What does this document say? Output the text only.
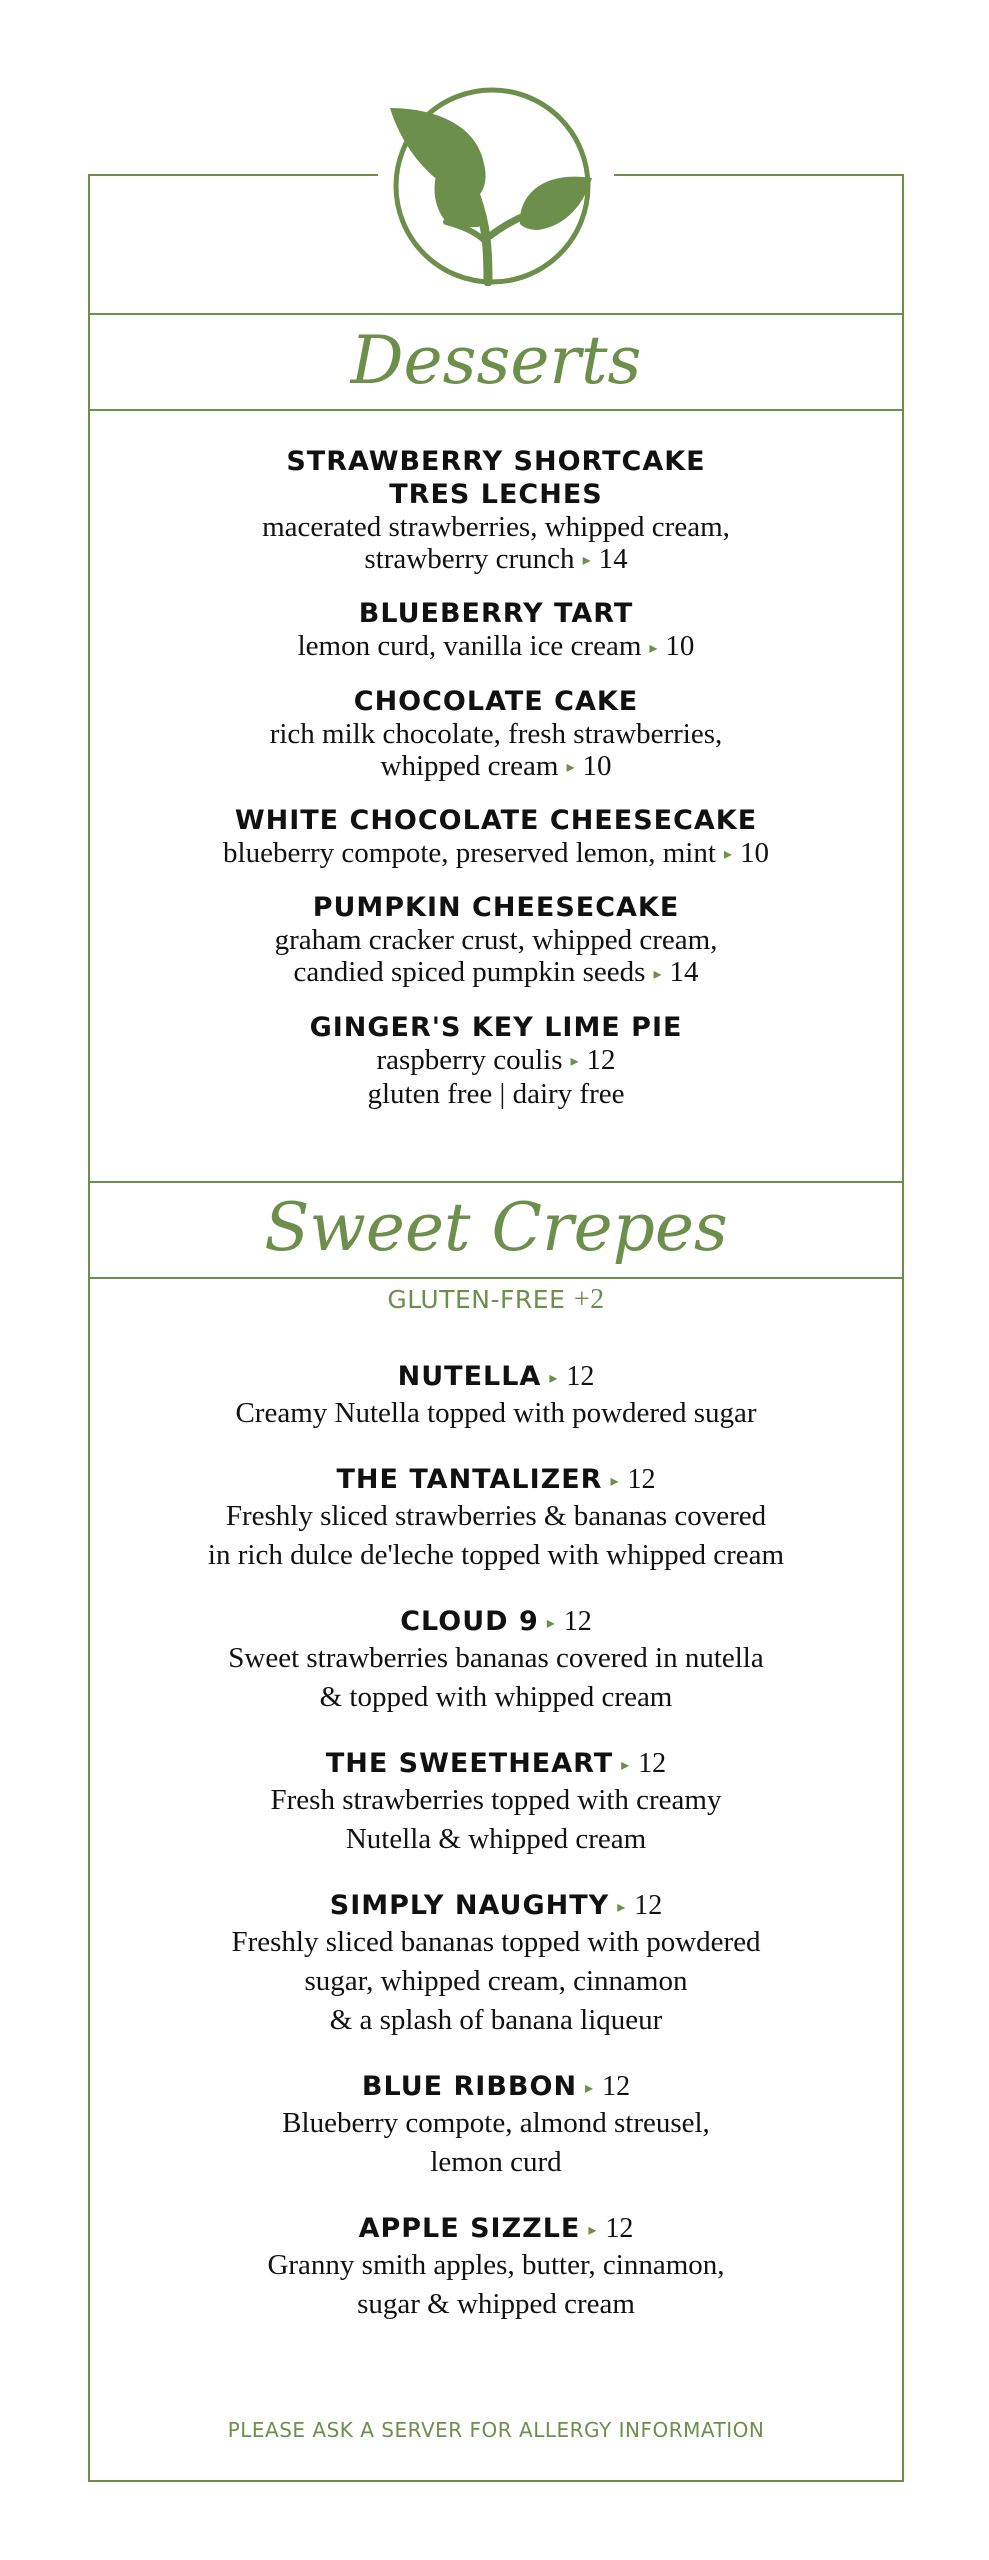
Desserts
STRAWBERRY SHORTCAKE
TRES LECHES
macerated strawberries, whipped cream,
strawberry crunch ▸ 14
BLUEBERRY TART
lemon curd, vanilla ice cream ▸ 10
CHOCOLATE CAKE
rich milk chocolate, fresh strawberries,
whipped cream ▸ 10
WHITE CHOCOLATE CHEESECAKE
blueberry compote, preserved lemon, mint ▸ 10
PUMPKIN CHEESECAKE
graham cracker crust, whipped cream,
candied spiced pumpkin seeds ▸ 14
GINGER'S KEY LIME PIE
raspberry coulis ▸ 12
gluten free | dairy free
Sweet Crepes
GLUTEN-FREE +2
NUTELLA ▸ 12
Creamy Nutella topped with powdered sugar
THE TANTALIZER ▸ 12
Freshly sliced strawberries & bananas covered
in rich dulce de'leche topped with whipped cream
CLOUD 9 ▸ 12
Sweet strawberries bananas covered in nutella
& topped with whipped cream
THE SWEETHEART ▸ 12
Fresh strawberries topped with creamy
Nutella & whipped cream
SIMPLY NAUGHTY ▸ 12
Freshly sliced bananas topped with powdered
sugar, whipped cream, cinnamon
& a splash of banana liqueur
BLUE RIBBON ▸ 12
Blueberry compote, almond streusel,
lemon curd
APPLE SIZZLE ▸ 12
Granny smith apples, butter, cinnamon,
sugar & whipped cream
PLEASE ASK A SERVER FOR ALLERGY INFORMATION
